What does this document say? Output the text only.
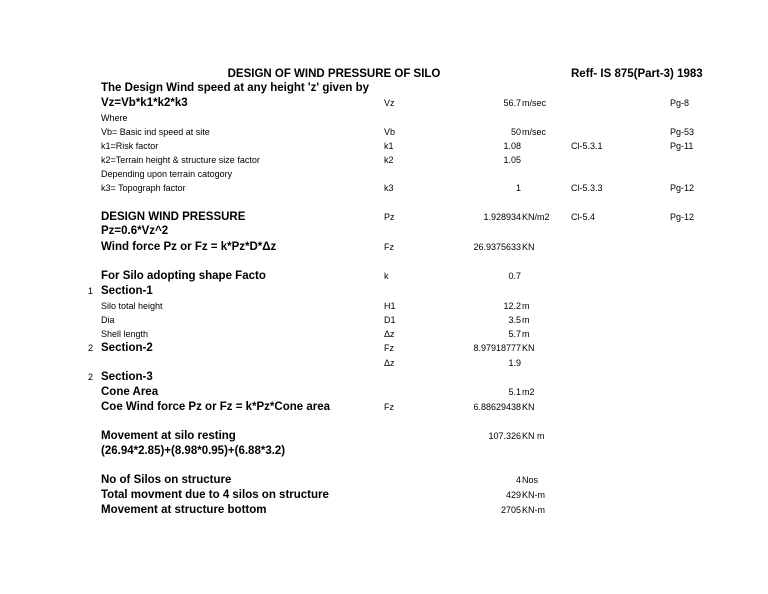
DESIGN OF WIND PRESSURE OF SILO	Reff- IS 875(Part-3) 1983
The Design Wind speed at any height 'z' given by
Vz=Vb*k1*k2*k3	Vz	56.7 m/sec	Pg-8
Where
Vb= Basic ind speed at site	Vb	50 m/sec	Pg-53
k1=Risk factor	k1	1.08	Cl-5.3.1	Pg-11
k2=Terrain height & structure size factor	k2	1.05
Depending upon terrain catogory
k3= Topograph factor	k3	1	Cl-5.3.3	Pg-12
DESIGN WIND PRESSURE	Pz	1.928934 KN/m2 Cl-5.4	Pg-12
Pz=0.6*Vz^2
Wind force Pz or Fz = k*Pz*D*Δz	Fz	26.9375633 KN
For Silo adopting shape Facto	k	0.7
1 Section-1
Silo total height	H1	12.2 m
Dia	D1	3.5 m
Shell length	Δz	5.7 m
2 Section-2	Fz	8.97918777 KN
Δz	1.9
2 Section-3
Cone Area	5.1 m2
Coe Wind force Pz or Fz = k*Pz*Cone area	Fz	6.88629438 KN
Movement at silo resting	107.326 KN m
(26.94*2.85)+(8.98*0.95)+(6.88*3.2)
No of Silos on structure	4 Nos
Total movment due to 4 silos on structure	429 KN-m
Movement at structure bottom	2705 KN-m
